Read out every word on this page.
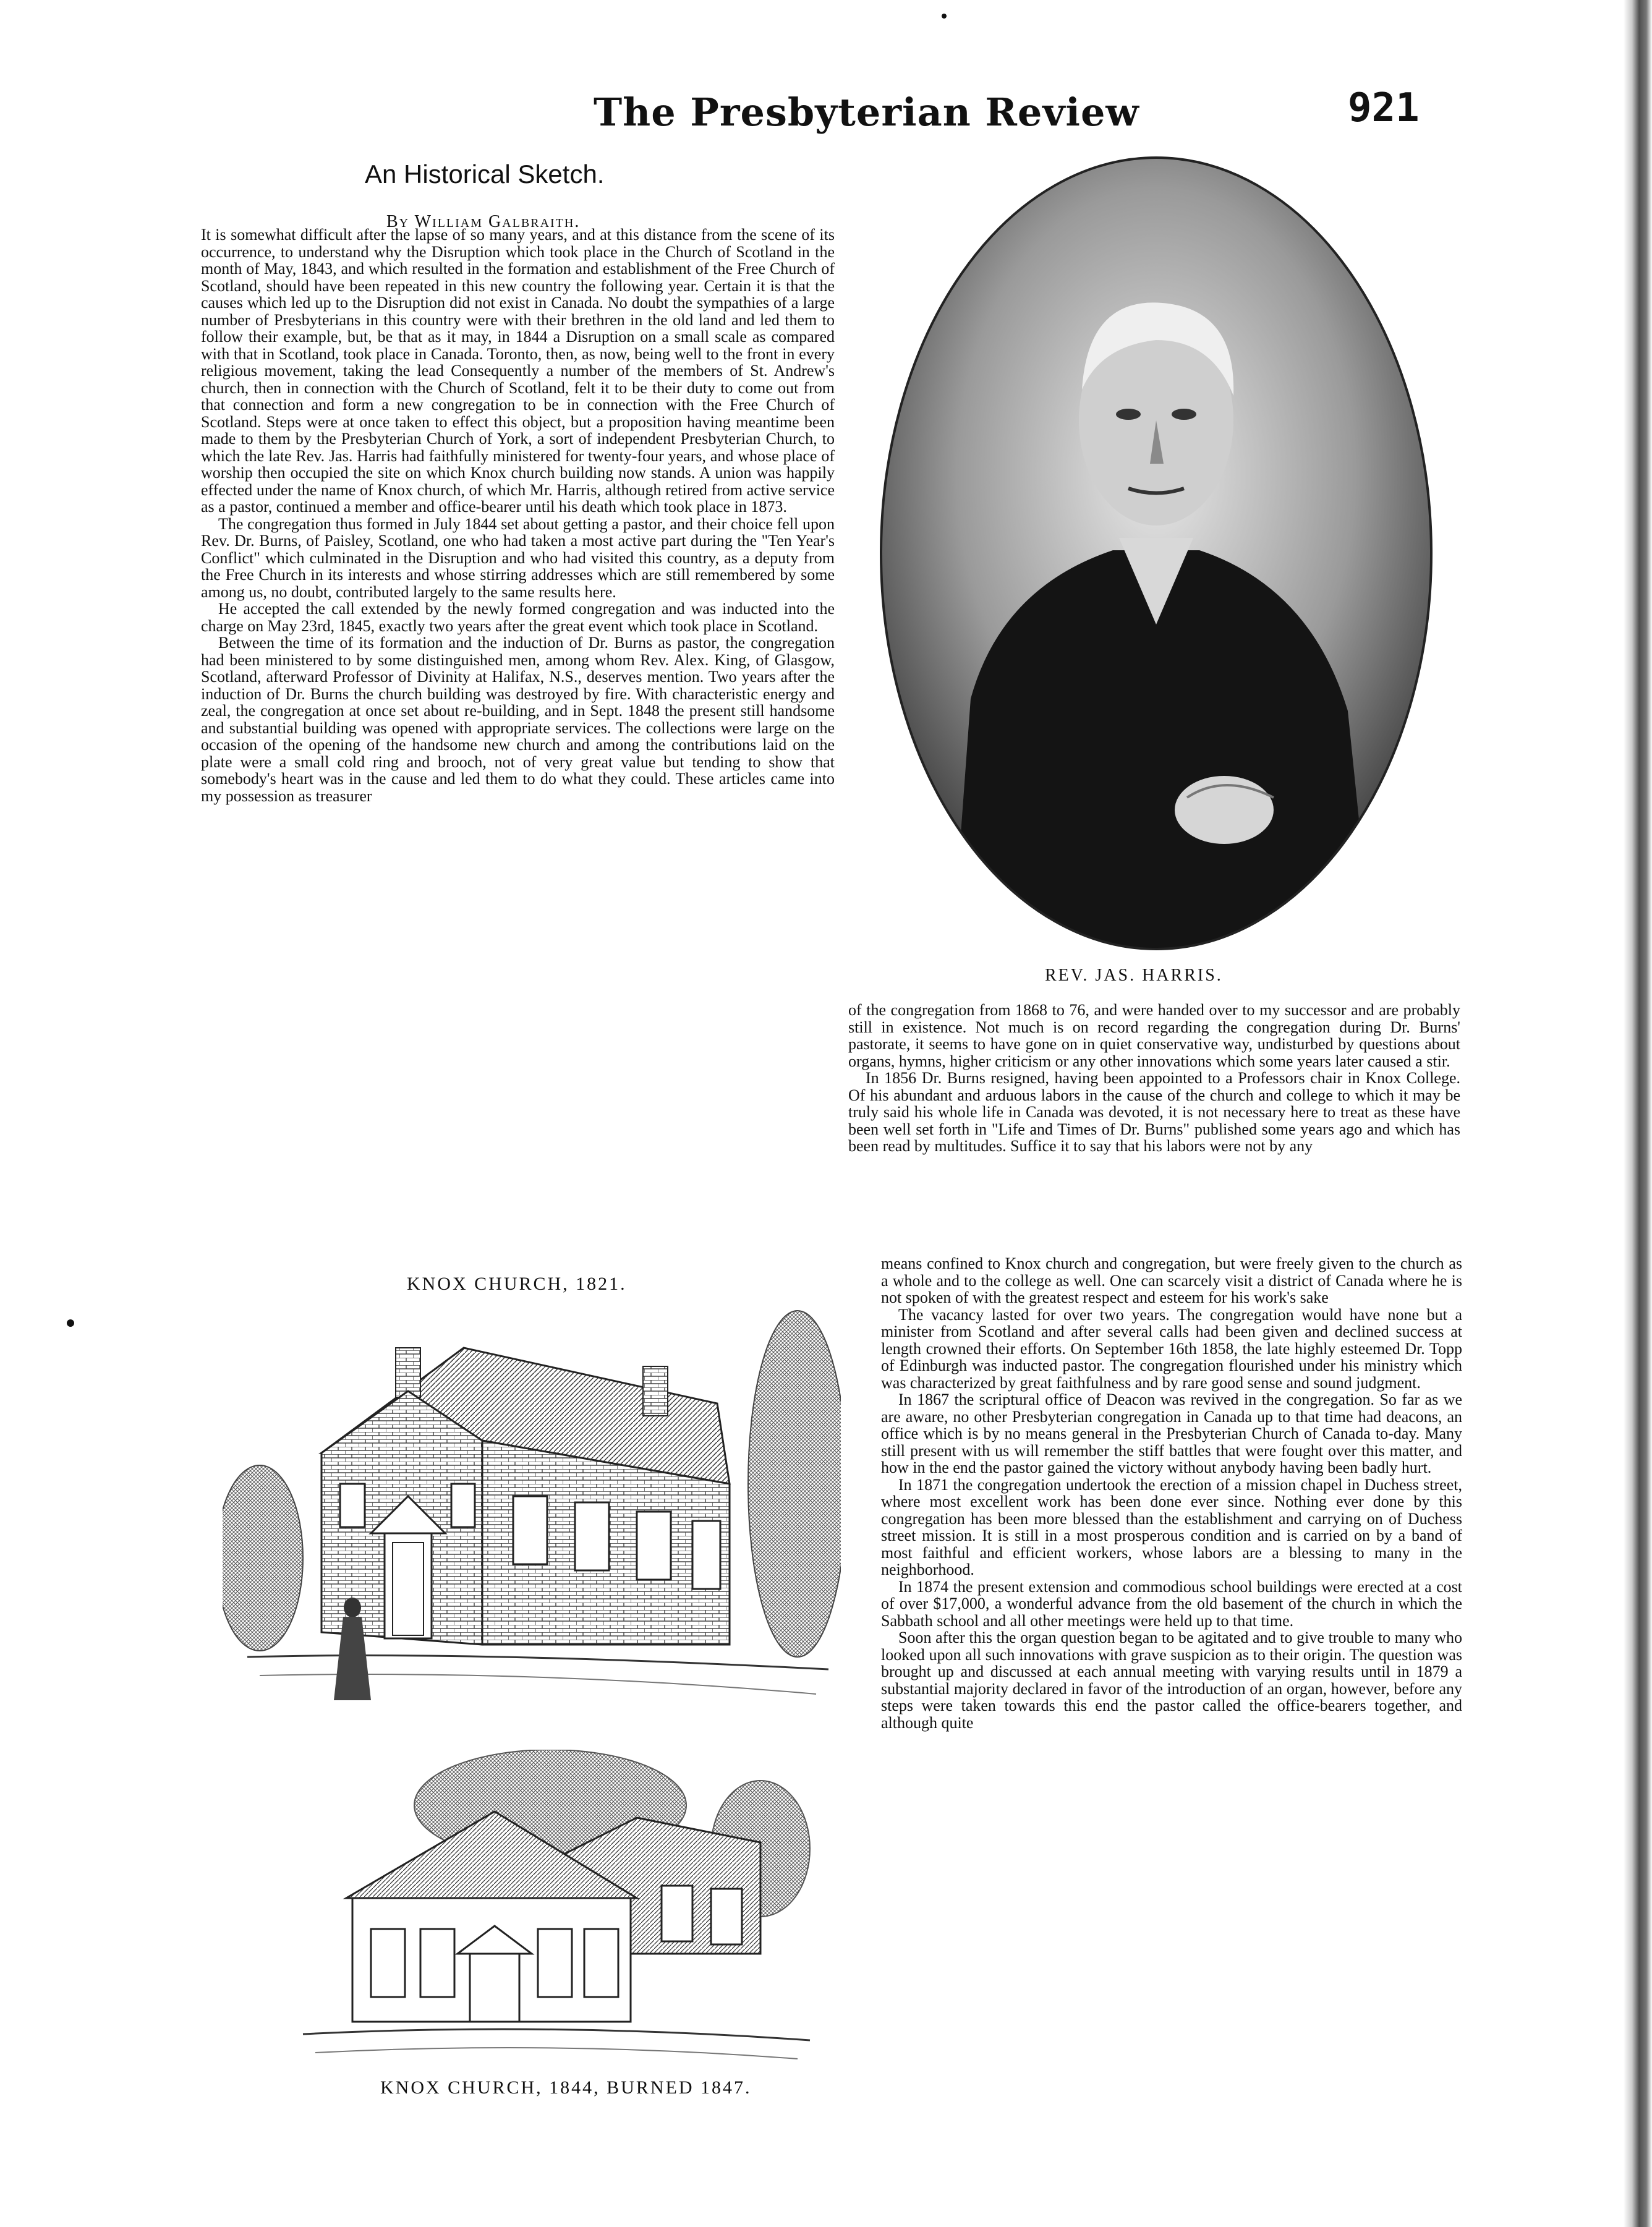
The Presbyterian Review	921
An Historical Sketch.
By William Galbraith.

It is somewhat difficult after the lapse of so many years, and at this distance from the scene of its occurrence, to understand why the Disruption which took place in the Church of Scotland in the month of May, 1843, and which resulted in the formation and establishment of the Free Church of Scotland, should have been repeated in this new country the following year. Certain it is that the causes which led up to the Disruption did not exist in Canada. No doubt the sympathies of a large number of Presbyterians in this country were with their brethren in the old land and led them to follow their example, but, be that as it may, in 1844 a Disruption on a small scale as compared with that in Scotland, took place in Canada. Toronto, then, as now, being well to the front in every religious movement, taking the lead Consequently a number of the members of St. Andrew's church, then in connection with the Church of Scotland, felt it to be their duty to come out from that connection and form a new congregation to be in connection with the Free Church of Scotland. Steps were at once taken to effect this object, but a proposition having meantime been made to them by the Presbyterian Church of York, a sort of independent Presbyterian Church, to which the late Rev. Jas. Harris had faithfully ministered for twenty-four years, and whose place of worship then occupied the site on which Knox church building now stands. A union was happily effected under the name of Knox church, of which Mr. Harris, although retired from active service as a pastor, continued a member and office-bearer until his death which took place in 1873.

The congregation thus formed in July 1844 set about getting a pastor, and their choice fell upon Rev. Dr. Burns, of Paisley, Scotland, one who had taken a most active part during the "Ten Year's Conflict" which culminated in the Disruption and who had visited this country, as a deputy from the Free Church in its interests and whose stirring addresses which are still remembered by some among us, no doubt, contributed largely to the same results here.

He accepted the call extended by the newly formed congregation and was inducted into the charge on May 23rd, 1845, exactly two years after the great event which took place in Scotland.

Between the time of its formation and the induction of Dr. Burns as pastor, the congregation had been ministered to by some distinguished men, among whom Rev. Alex. King, of Glasgow, Scotland, afterward Professor of Divinity at Halifax, N.S., deserves mention. Two years after the induction of Dr. Burns the church building was destroyed by fire. With characteristic energy and zeal, the congregation at once set about re-building, and in Sept. 1848 the present still handsome and substantial building was opened with appropriate services. The collections were large on the occasion of the opening of the handsome new church and among the contributions laid on the plate were a small cold ring and brooch, not of very great value but tending to show that somebody's heart was in the cause and led them to do what they could. These articles came into my possession as treasurer

REV. JAS. HARRIS.

of the congregation from 1868 to 76, and were handed over to my successor and are probably still in existence. Not much is on record regarding the congregation during Dr. Burns' pastorate, it seems to have gone on in quiet conservative way, undisturbed by questions about organs, hymns, higher criticism or any other innovations which some years later caused a stir.

In 1856 Dr. Burns resigned, having been appointed to a Professors chair in Knox College. Of his abundant and arduous labors in the cause of the church and college to which it may be truly said his whole life in Canada was devoted, it is not necessary here to treat as these have been well set forth in "Life and Times of Dr. Burns" published some years ago and which has been read by multitudes. Suffice it to say that his labors were not by any

means confined to Knox church and congregation, but were freely given to the church as a whole and to the college as well. One can scarcely visit a district of Canada where he is not spoken of with the greatest respect and esteem for his work's sake

The vacancy lasted for over two years. The congregation would have none but a minister from Scotland and after several calls had been given and declined success at length crowned their efforts. On September 16th 1858, the late highly esteemed Dr. Topp of Edinburgh was inducted pastor. The congregation flourished under his ministry which was characterized by great faithfulness and by rare good sense and sound judgment.

In 1867 the scriptural office of Deacon was revived in the congregation. So far as we are aware, no other Presbyterian congregation in Canada up to that time had deacons, an office which is by no means general in the Presbyterian Church of Canada to-day. Many still present with us will remember the stiff battles that were fought over this matter, and how in the end the pastor gained the victory without anybody having been badly hurt.

In 1871 the congregation undertook the erection of a mission chapel in Duchess street, where most excellent work has been done ever since. Nothing ever done by this congregation has been more blessed than the establishment and carrying on of Duchess street mission. It is still in a most prosperous condition and is carried on by a band of most faithful and efficient workers, whose labors are a blessing to many in the neighborhood.

In 1874 the present extension and commodious school buildings were erected at a cost of over $17,000, a wonderful advance from the old basement of the church in which the Sabbath school and all other meetings were held up to that time.

Soon after this the organ question began to be agitated and to give trouble to many who looked upon all such innovations with grave suspicion as to their origin. The question was brought up and discussed at each annual meeting with varying results until in 1879 a substantial majority declared in favor of the introduction of an organ, however, before any steps were taken towards this end the pastor called the office-bearers together, and although quite

KNOX CHURCH, 1821.
KNOX CHURCH, 1844, BURNED 1847.
